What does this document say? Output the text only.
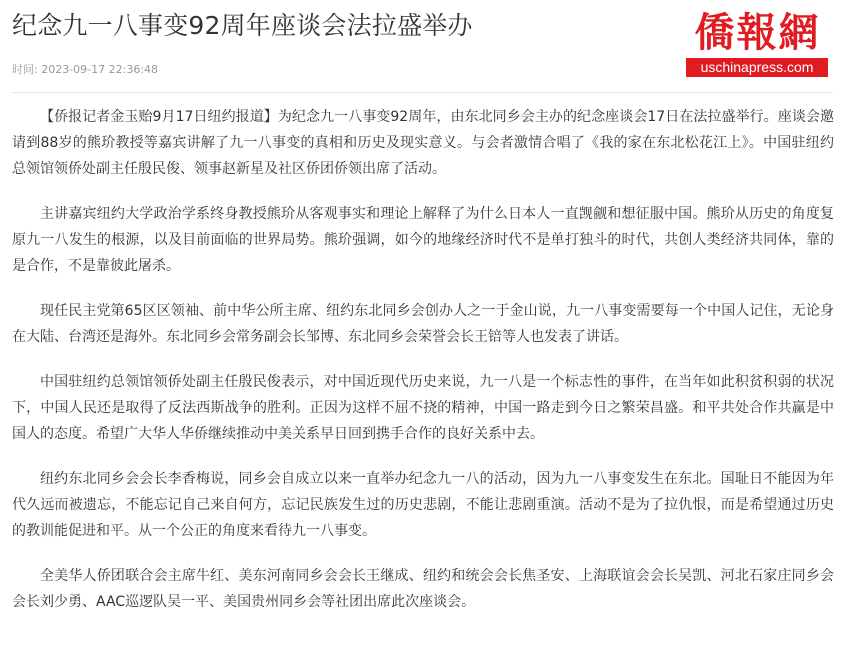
纪念九一八事变92周年座谈会法拉盛举办
时间: 2023-09-17 22:36:48
僑報網
uschinapress.com

【侨报记者金玉贻9月17日纽约报道】为纪念九一八事变92周年，由东北同乡会主办的纪念座谈会17日在法拉盛举行。座谈会邀请到88岁的熊玠教授等嘉宾讲解了九一八事变的真相和历史及现实意义。与会者激情合唱了《我的家在东北松花江上》。中国驻纽约总领馆领侨处副主任殷民俊、领事赵新星及社区侨团侨领出席了活动。

主讲嘉宾纽约大学政治学系终身教授熊玠从客观事实和理论上解释了为什么日本人一直觊觎和想征服中国。熊玠从历史的角度复原九一八发生的根源，以及目前面临的世界局势。熊玠强调，如今的地缘经济时代不是单打独斗的时代，共创人类经济共同体，靠的是合作，不是靠彼此屠杀。

现任民主党第65区区领袖、前中华公所主席、纽约东北同乡会创办人之一于金山说，九一八事变需要每一个中国人记住，无论身在大陆、台湾还是海外。东北同乡会常务副会长邹博、东北同乡会荣誉会长王锫等人也发表了讲话。

中国驻纽约总领馆领侨处副主任殷民俊表示，对中国近现代历史来说，九一八是一个标志性的事件，在当年如此积贫积弱的状况下，中国人民还是取得了反法西斯战争的胜利。正因为这样不屈不挠的精神，中国一路走到今日之繁荣昌盛。和平共处合作共赢是中国人的态度。希望广大华人华侨继续推动中美关系早日回到携手合作的良好关系中去。

纽约东北同乡会会长李香梅说，同乡会自成立以来一直举办纪念九一八的活动，因为九一八事变发生在东北。国耻日不能因为年代久远而被遗忘，不能忘记自己来自何方，忘记民族发生过的历史悲剧，不能让悲剧重演。活动不是为了拉仇恨，而是希望通过历史的教训能促进和平。从一个公正的角度来看待九一八事变。

全美华人侨团联合会主席牛红、美东河南同乡会会长王继成、纽约和统会会长焦圣安、上海联谊会会长吴凯、河北石家庄同乡会会长刘少勇、AAC巡逻队吴一平、美国贵州同乡会等社团出席此次座谈会。
